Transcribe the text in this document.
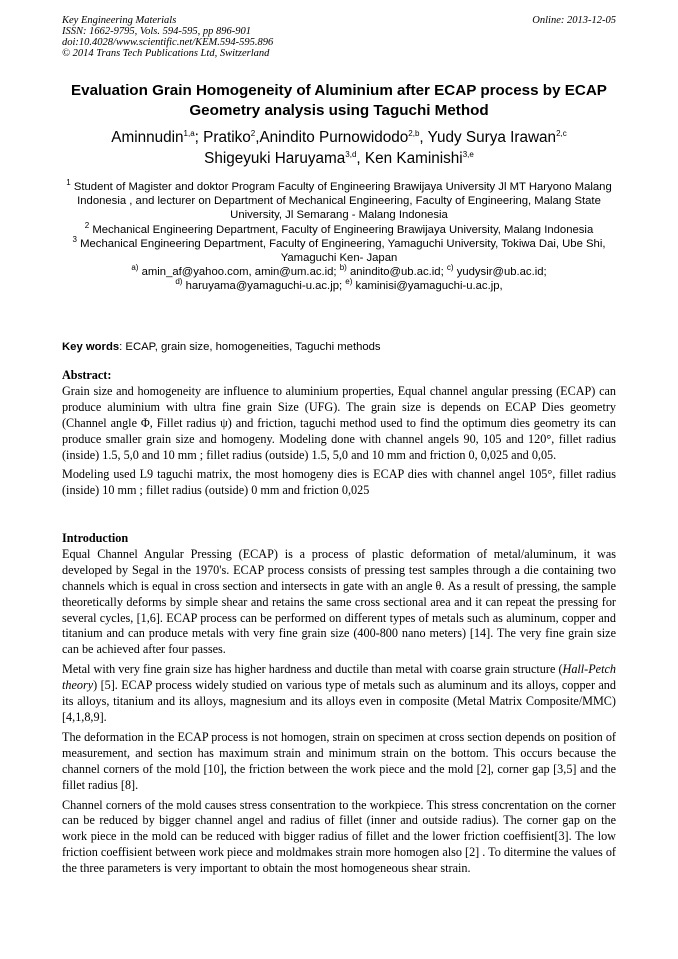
Key Engineering Materials
ISSN: 1662-9795, Vols. 594-595, pp 896-901
doi:10.4028/www.scientific.net/KEM.594-595.896
© 2014 Trans Tech Publications Ltd, Switzerland
Online: 2013-12-05
Evaluation Grain Homogeneity of Aluminium after ECAP process by ECAP Geometry analysis using Taguchi Method
Aminnudin$^{1,a}$; Pratiko$^2$,Anindito Purnowidodo$^{2,b}$, Yudy Surya Irawan$^{2,c}$
Shigeyuki Haruyama$^{3,d}$, Ken Kaminishi$^{3,e}$

$^1$ Student of Magister and doktor Program Faculty of Engineering Brawijaya University Jl MT Haryono Malang Indonesia , and lecturer on Department of Mechanical Engineering, Faculty of Engineering, Malang State University, Jl Semarang - Malang Indonesia

$^2$ Mechanical Engineering Department, Faculty of Engineering Brawijaya University, Malang Indonesia

$^3$ Mechanical Engineering Department, Faculty of Engineering, Yamaguchi University, Tokiwa Dai, Ube Shi, Yamaguchi Ken- Japan

$^{a)}$ amin_af@yahoo.com, amin@um.ac.id; $^{b)}$ anindito@ub.ac.id; $^{c)}$ yudysir@ub.ac.id;
$^{d)}$ haruyama@yamaguchi-u.ac.jp; $^{e)}$ kaminisi@yamaguchi-u.ac.jp,

Key words: ECAP, grain size, homogeneities, Taguchi methods

Abstract:

Grain size and homogeneity are influence to aluminium properties, Equal channel angular pressing (ECAP) can produce aluminium with ultra fine grain Size (UFG). The grain size is depends on ECAP Dies geometry (Channel angle Φ, Fillet radius ψ) and friction, taguchi method used to find the optimum dies geometry its can produce smaller grain size and homogeny. Modeling done with channel angels 90, 105 and 120°, fillet radius (inside) 1.5, 5,0 and 10 mm ; fillet radius (outside) 1.5, 5,0 and 10 mm and friction 0, 0,025 and 0,05.

Modeling used L9 taguchi matrix, the most homogeny dies is ECAP dies with channel angel 105°, fillet radius (inside) 10 mm ; fillet radius (outside) 0 mm and friction 0,025

Introduction

Equal Channel Angular Pressing (ECAP) is a process of plastic deformation of metal/aluminum, it was developed by Segal in the 1970's. ECAP process consists of pressing test samples through a die containing two channels which is equal in cross section and intersects in gate with an angle θ. As a result of pressing, the sample theoretically deforms by simple shear and retains the same cross sectional area and it can repeat the pressing for several cycles, [1,6]. ECAP process can be performed on different types of metals such as aluminum, copper and titanium and can produce metals with very fine grain size (400-800 nano meters) [14]. The very fine grain size can be achieved after four passes.

Metal with very fine grain size has higher hardness and ductile than metal with coarse grain structure (Hall-Petch theory) [5]. ECAP process widely studied on various type of metals such as aluminum and its alloys, copper and its alloys, titanium and its alloys, magnesium and its alloys even in composite (Metal Matrix Composite/MMC) [4,1,8,9].

The deformation in the ECAP process is not homogen, strain on specimen at cross section depends on position of measurement, and section has maximum strain and minimum strain on the bottom. This occurs because the channel corners of the mold [10], the friction between the work piece and the mold [2], corner gap [3,5] and the fillet radius [8].

Channel corners of the mold causes stress consentration to the workpiece. This stress concrentation on the corner can be reduced by bigger channel angel and radius of fillet (inner and outside radius). The corner gap on the work piece in the mold can be reduced with bigger radius of fillet and the lower friction coeffisient[3]. The low friction coeffisient between work piece and moldmakes strain more homogen also [2] . To ditermine the values of the three parameters is very important to obtain the most homogeneous shear strain.
